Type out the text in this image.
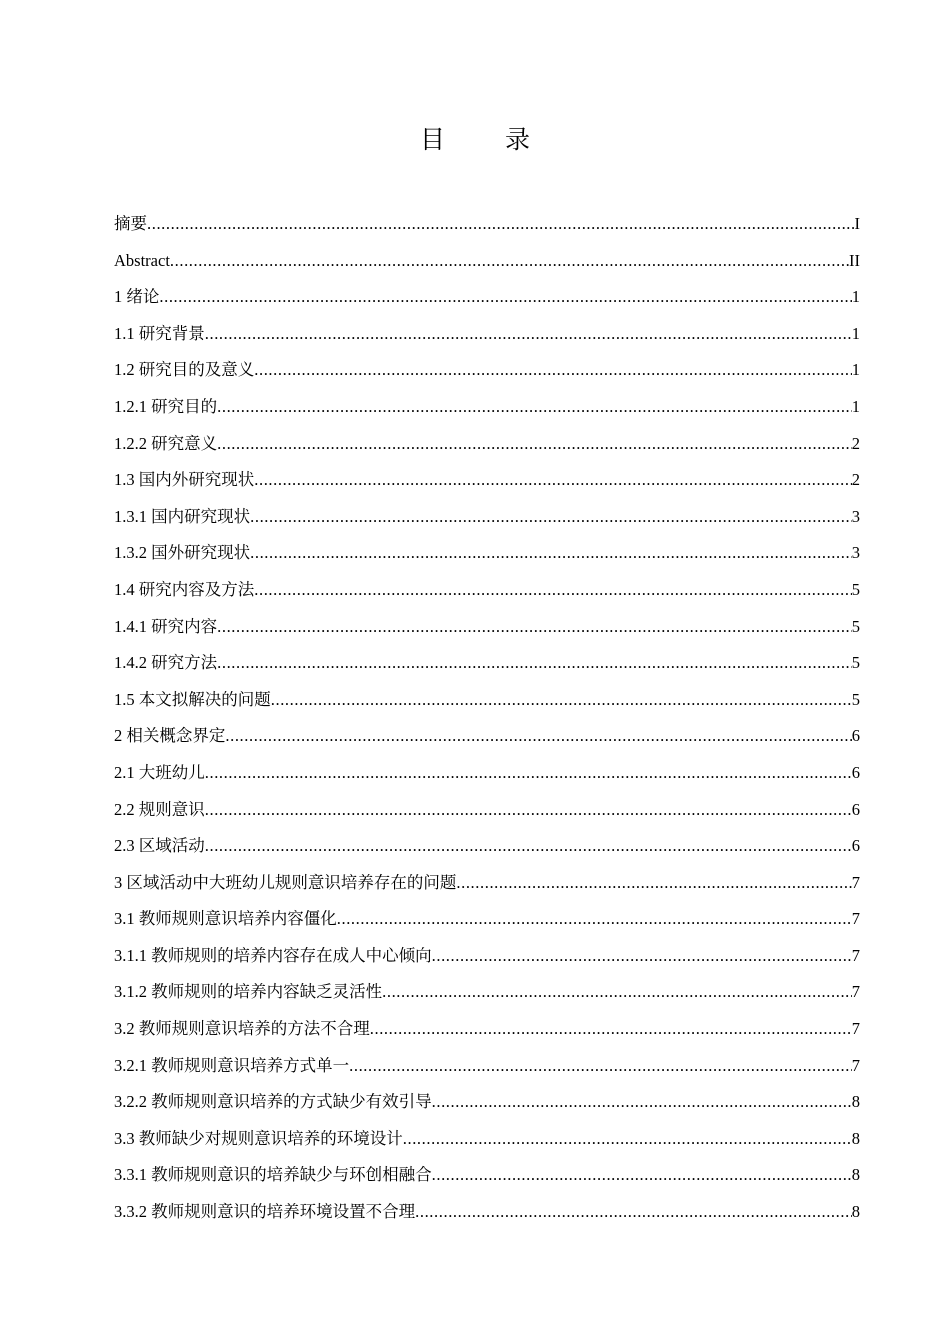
目 录
摘要 .....	I
Abstract .....	II
1 绪论 .....	1
1.1 研究背景 .....	1
1.2 研究目的及意义 .....	1
1.2.1 研究目的 .....	1
1.2.2 研究意义 .....	2
1.3 国内外研究现状 .....	2
1.3.1 国内研究现状 .....	3
1.3.2 国外研究现状 .....	3
1.4 研究内容及方法 .....	5
1.4.1 研究内容 .....	5
1.4.2 研究方法 .....	5
1.5 本文拟解决的问题 .....	5
2 相关概念界定 .....	6
2.1 大班幼儿 .....	6
2.2 规则意识 .....	6
2.3 区域活动 .....	6
3 区域活动中大班幼儿规则意识培养存在的问题 .....	7
3.1 教师规则意识培养内容僵化 .....	7
3.1.1 教师规则的培养内容存在成人中心倾向 .....	7
3.1.2 教师规则的培养内容缺乏灵活性 .....	7
3.2 教师规则意识培养的方法不合理 .....	7
3.2.1 教师规则意识培养方式单一 .....	7
3.2.2 教师规则意识培养的方式缺少有效引导 .....	8
3.3 教师缺少对规则意识培养的环境设计 .....	8
3.3.1 教师规则意识的培养缺少与环创相融合 .....	8
3.3.2 教师规则意识的培养环境设置不合理 .....	8
